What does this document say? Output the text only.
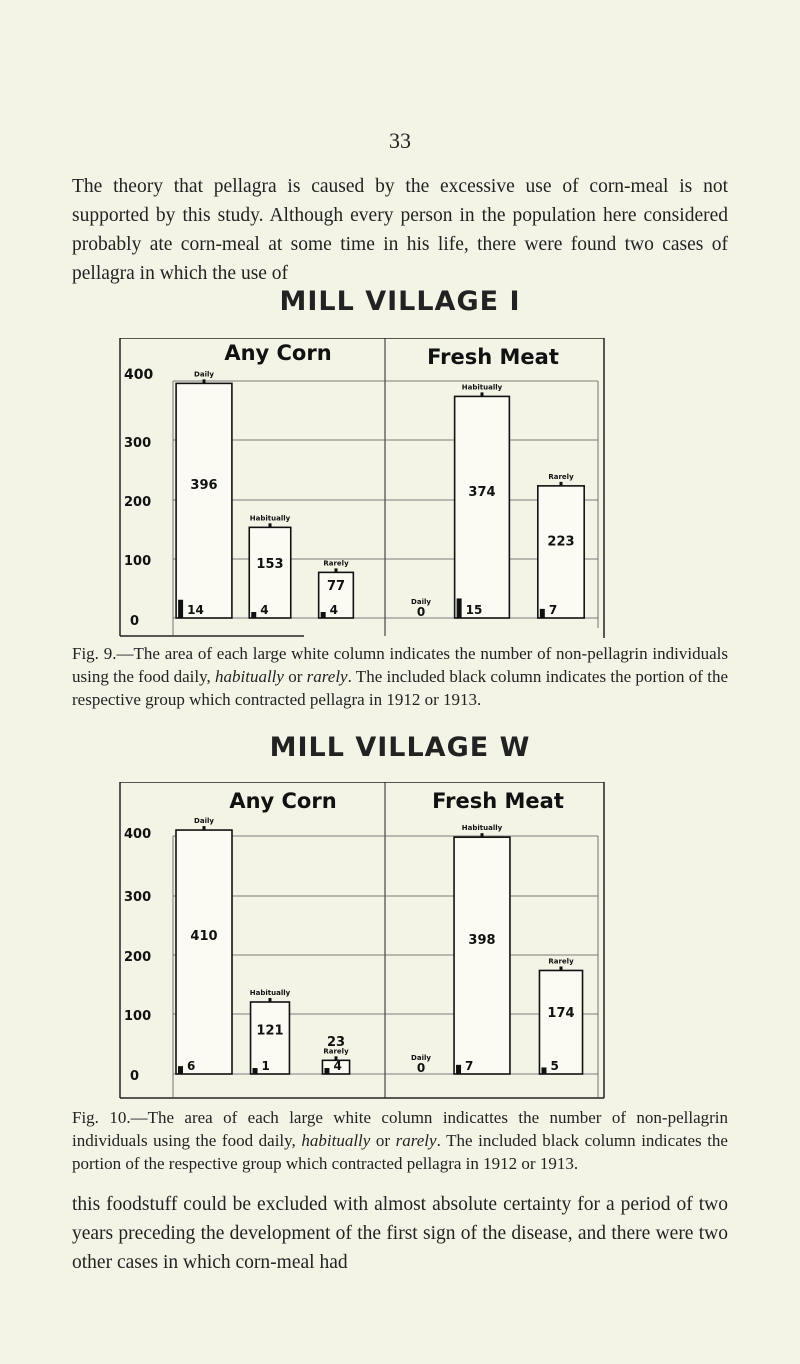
33
The theory that pellagra is caused by the excessive use of corn-meal is not supported by this study. Although every person in the population here considered probably ate corn-meal at some time in his life, there were found two cases of pellagra in which the use of
MILL VILLAGE I
400
300
200
100
0
Any Corn	Fresh Meat
Daily
396
14
Habitually
153
4
Rarely
77
4
Daily
0
Habitually
374
15
Rarely
223
7
Fig. 9.—The area of each large white column indicates the number of non-pellagrin individuals using the food daily, habitually or rarely. The included black column indicates the portion of the respective group which contracted pellagra in 1912 or 1913.
MILL VILLAGE W
400
300
200
100
0
Any Corn	Fresh Meat
Daily
410
6
Habitually
121
1
Rarely
23
4
Daily
0
Habitually
398
7
Rarely
174
5
Fig. 10.—The area of each large white column indicattes the number of non-pellagrin individuals using the food daily, habitually or rarely. The included black column indicates the portion of the respective group which contracted pellagra in 1912 or 1913.
this foodstuff could be excluded with almost absolute certainty for a period of two years preceding the development of the first sign of the disease, and there were two other cases in which corn-meal had
